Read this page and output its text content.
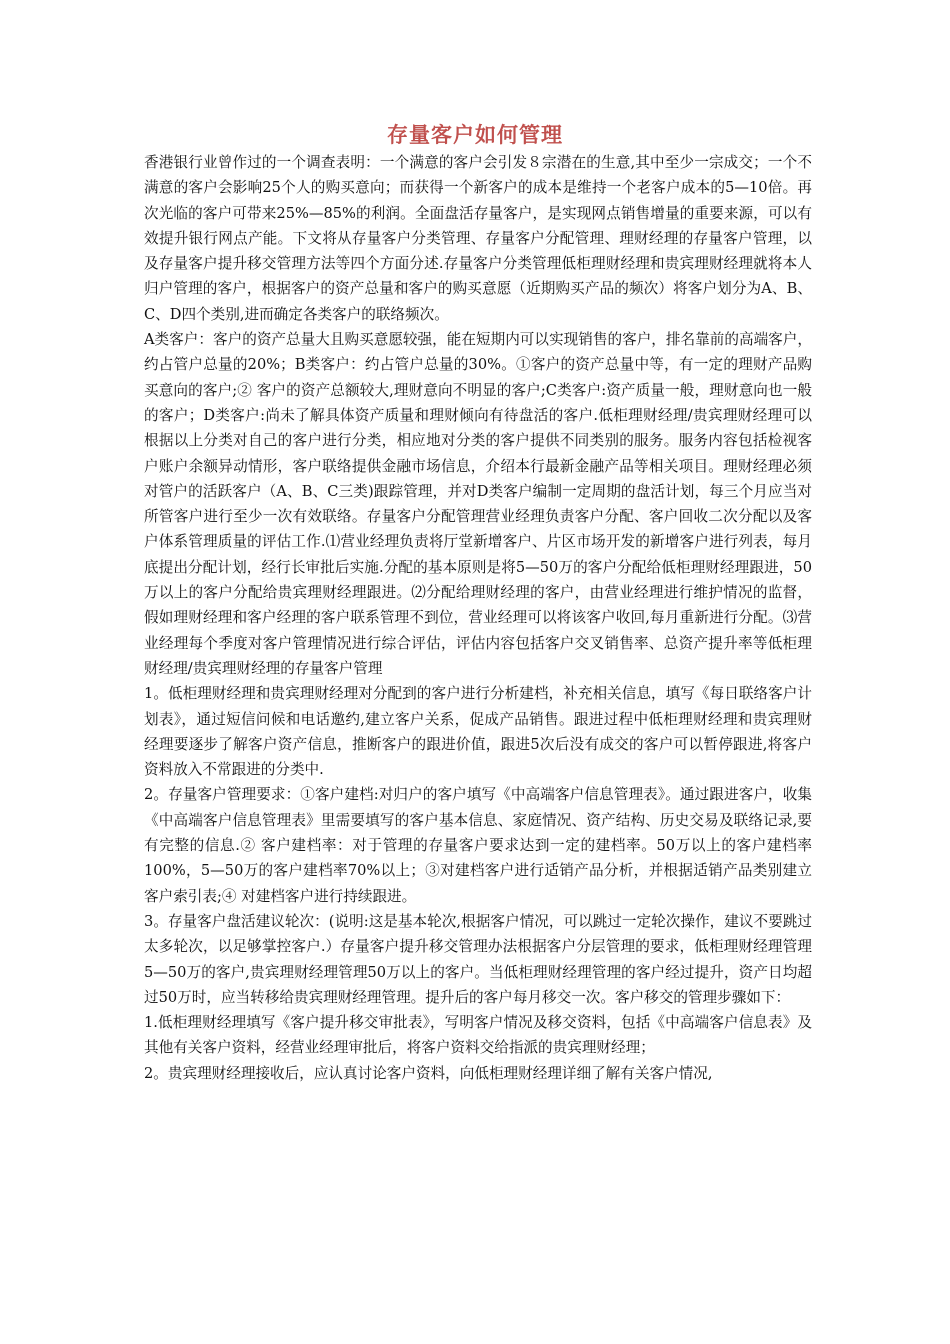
存量客户如何管理

香港银行业曾作过的一个调查表明：一个满意的客户会引发８宗潜在的生意,其中至少一宗成交；一个不满意的客户会影响25个人的购买意向；而获得一个新客户的成本是维持一个老客户成本的5—10倍。再次光临的客户可带来25%—85%的利润。全面盘活存量客户，是实现网点销售增量的重要来源，可以有效提升银行网点产能。下文将从存量客户分类管理、存量客户分配管理、理财经理的存量客户管理，以及存量客户提升移交管理方法等四个方面分述.存量客户分类管理低柜理财经理和贵宾理财经理就将本人归户管理的客户，根据客户的资产总量和客户的购买意愿（近期购买产品的频次）将客户划分为A、B、C、D四个类别,进而确定各类客户的联络频次。

A类客户：客户的资产总量大且购买意愿较强，能在短期内可以实现销售的客户，排名靠前的高端客户，约占管户总量的20%；B类客户：约占管户总量的30%。①客户的资产总量中等，有一定的理财产品购买意向的客户;② 客户的资产总额较大,理财意向不明显的客户;C类客户:资产质量一般，理财意向也一般的客户；D类客户:尚未了解具体资产质量和理财倾向有待盘活的客户.低柜理财经理/贵宾理财经理可以根据以上分类对自己的客户进行分类，相应地对分类的客户提供不同类别的服务。服务内容包括检视客户账户余额异动情形，客户联络提供金融市场信息，介绍本行最新金融产品等相关项目。理财经理必须对管户的活跃客户（A、B、C三类)跟踪管理，并对D类客户编制一定周期的盘活计划，每三个月应当对所管客户进行至少一次有效联络。存量客户分配管理营业经理负责客户分配、客户回收二次分配以及客户体系管理质量的评估工作.⑴营业经理负责将厅堂新增客户、片区市场开发的新增客户进行列表，每月底提出分配计划，经行长审批后实施.分配的基本原则是将5—50万的客户分配给低柜理财经理跟进，50万以上的客户分配给贵宾理财经理跟进。⑵分配给理财经理的客户，由营业经理进行维护情况的监督，假如理财经理和客户经理的客户联系管理不到位，营业经理可以将该客户收回,每月重新进行分配。⑶营业经理每个季度对客户管理情况进行综合评估，评估内容包括客户交叉销售率、总资产提升率等低柜理财经理/贵宾理财经理的存量客户管理

1。低柜理财经理和贵宾理财经理对分配到的客户进行分析建档，补充相关信息，填写《每日联络客户计划表》，通过短信问候和电话邀约,建立客户关系，促成产品销售。跟进过程中低柜理财经理和贵宾理财经理要逐步了解客户资产信息，推断客户的跟进价值，跟进5次后没有成交的客户可以暂停跟进,将客户资料放入不常跟进的分类中.

2。存量客户管理要求：①客户建档:对归户的客户填写《中高端客户信息管理表》。通过跟进客户，收集《中高端客户信息管理表》里需要填写的客户基本信息、家庭情况、资产结构、历史交易及联络记录,要有完整的信息.② 客户建档率：对于管理的存量客户要求达到一定的建档率。50万以上的客户建档率100%，5—50万的客户建档率70%以上；③对建档客户进行适销产品分析，并根据适销产品类别建立客户索引表;④ 对建档客户进行持续跟进。

3。存量客户盘活建议轮次：(说明:这是基本轮次,根据客户情况，可以跳过一定轮次操作，建议不要跳过太多轮次，以足够掌控客户.）存量客户提升移交管理办法根据客户分层管理的要求，低柜理财经理管理5—50万的客户,贵宾理财经理管理50万以上的客户。当低柜理财经理管理的客户经过提升，资产日均超过50万时，应当转移给贵宾理财经理管理。提升后的客户每月移交一次。客户移交的管理步骤如下：

1.低柜理财经理填写《客户提升移交审批表》，写明客户情况及移交资料，包括《中高端客户信息表》及其他有关客户资料，经营业经理审批后，将客户资料交给指派的贵宾理财经理；

2。贵宾理财经理接收后，应认真讨论客户资料，向低柜理财经理详细了解有关客户情况,
